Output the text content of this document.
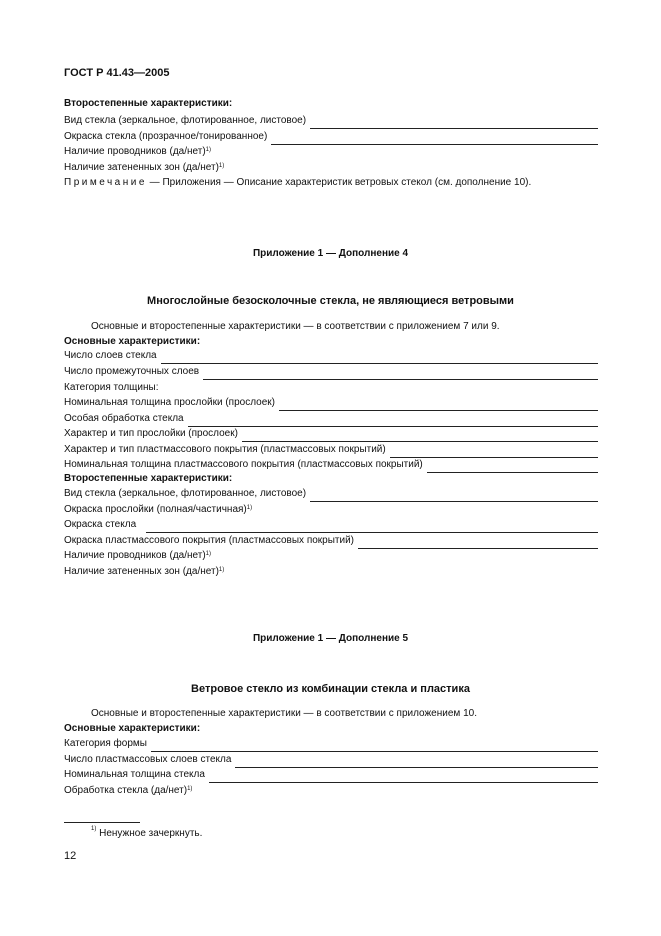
ГОСТ Р 41.43—2005
Второстепенные характеристики:
Вид стекла (зеркальное, флотированное, листовое)
Окраска стекла (прозрачное/тонированное)
Наличие проводников $(да/нет)^{1)}$
Наличие затененных зон $(да/нет)^{1)}$
Примечание — Приложения — Описание характеристик ветровых стекол (см. дополнение 10).
Приложение 1 — Дополнение 4
Многослойные безосколочные стекла, не являющиеся ветровыми
Основные и второстепенные характеристики — в соответствии с приложением 7 или 9.
Основные характеристики:
Число слоев стекла
Число промежуточных слоев
Категория толщины:
Номинальная толщина прослойки (прослоек)
Особая обработка стекла
Характер и тип прослойки (прослоек)
Характер и тип пластмассового покрытия (пластмассовых покрытий)
Номинальная толщина пластмассового покрытия (пластмассовых покрытий)
Второстепенные характеристики:
Вид стекла (зеркальное, флотированное, листовое)
Окраска прослойки (полная/частичная)$^{1)}$
Окраска стекла
Окраска пластмассового покрытия (пластмассовых покрытий)
Наличие проводников $(да/нет)^{1)}$
Наличие затененных зон $(да/нет)^{1)}$
Приложение 1 — Дополнение 5
Ветровое стекло из комбинации стекла и пластика
Основные и второстепенные характеристики — в соответствии с приложением 10.
Основные характеристики:
Категория формы
Число пластмассовых слоев стекла
Номинальная толщина стекла
Обработка стекла $(да/нет)^{1)}$
$^{1)}$ Ненужное зачеркнуть.
12
